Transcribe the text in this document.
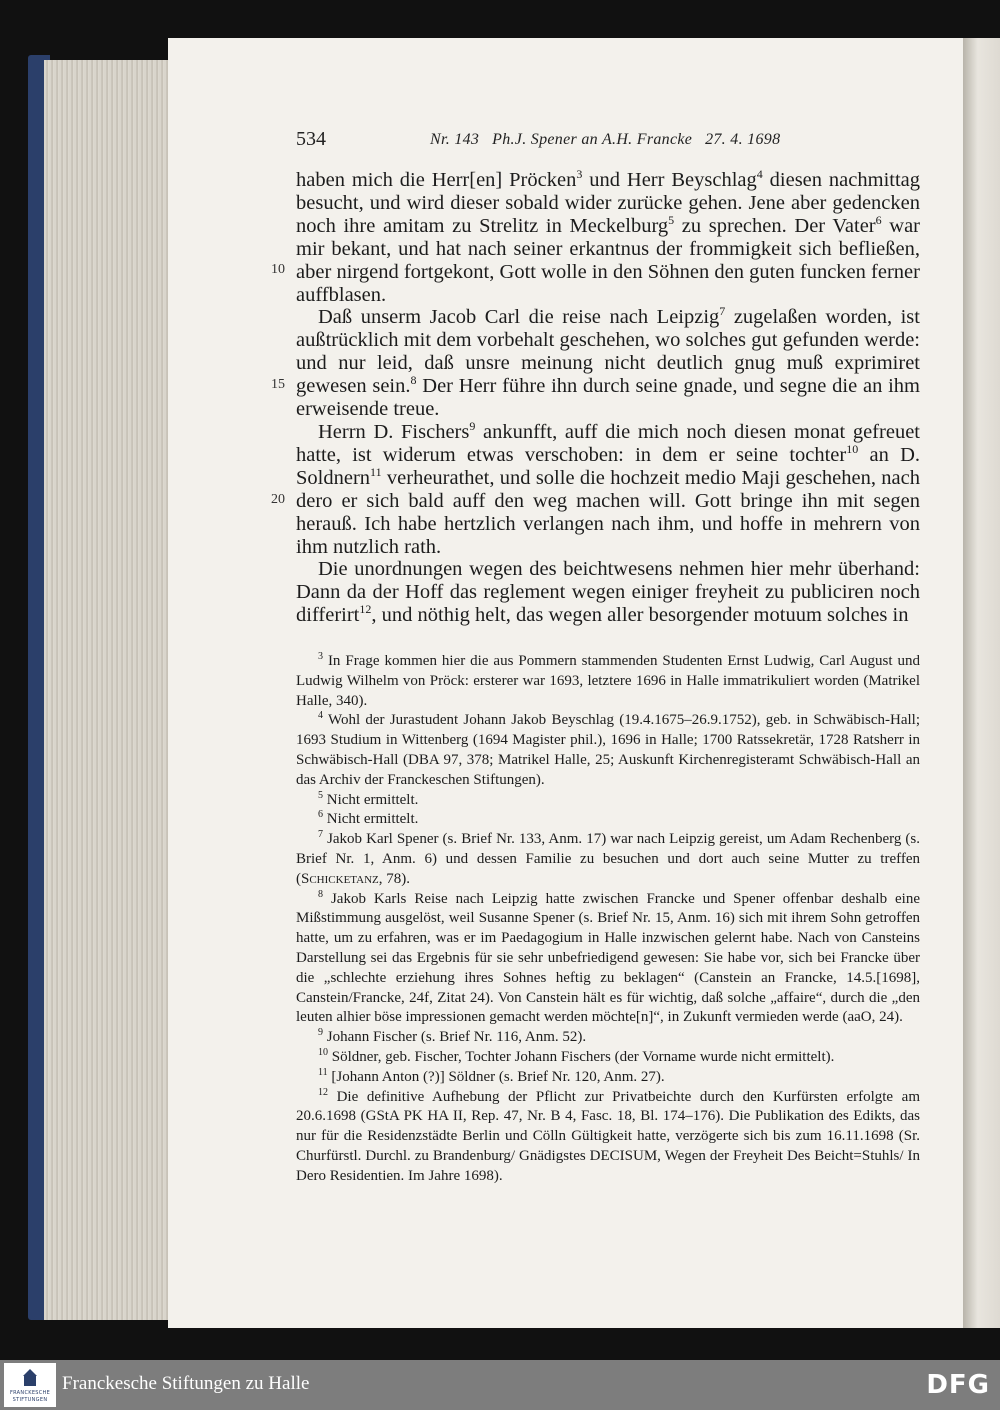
534	Nr. 143   Ph.J. Spener an A.H. Francke   27. 4. 1698

haben mich die Herr[en] Pröcken$^3$ und Herr Beyschlag$^4$ diesen nachmittag besucht, und wird dieser sobald wider zurücke gehen. Jene aber gedencken noch ihre amitam zu Strelitz in Meckelburg$^5$ zu sprechen. Der Vater$^6$ war mir bekant, und hat nach seiner erkantnus der frommigkeit sich befließen, aber nirgend fortgekont, Gott wolle in den Söhnen den guten funcken ferner auffblasen.

Daß unserm Jacob Carl die reise nach Leipzig$^7$ zugelaßen worden, ist außtrücklich mit dem vorbehalt geschehen, wo solches gut gefunden werde: und nur leid, daß unsre meinung nicht deutlich gnug muß exprimiret gewesen sein.$^8$ Der Herr führe ihn durch seine gnade, und segne die an ihm erweisende treue.

Herrn D. Fischers$^9$ ankunfft, auff die mich noch diesen monat gefreuet hatte, ist widerum etwas verschoben: in dem er seine tochter$^{10}$ an D. Soldnern$^{11}$ verheurathet, und solle die hochzeit medio Maji geschehen, nach dero er sich bald auff den weg machen will. Gott bringe ihn mit segen herauß. Ich habe hertzlich verlangen nach ihm, und hoffe in mehrern von ihm nutzlich rath.

Die unordnungen wegen des beichtwesens nehmen hier mehr überhand: Dann da der Hoff das reglement wegen einiger freyheit zu publiciren noch differirt$^{12}$, und nöthig helt, das wegen aller besorgender motuum solches in

10
15
20

$^3$ In Frage kommen hier die aus Pommern stammenden Studenten Ernst Ludwig, Carl August und Ludwig Wilhelm von Pröck: ersterer war 1693, letztere 1696 in Halle immatrikuliert worden (Matrikel Halle, 340).

$^4$ Wohl der Jurastudent Johann Jakob Beyschlag (19.4.1675–26.9.1752), geb. in Schwäbisch-Hall; 1693 Studium in Wittenberg (1694 Magister phil.), 1696 in Halle; 1700 Ratssekretär, 1728 Ratsherr in Schwäbisch-Hall (DBA 97, 378; Matrikel Halle, 25; Auskunft Kirchenregisteramt Schwäbisch-Hall an das Archiv der Franckeschen Stiftungen).

$^5$ Nicht ermittelt.

$^6$ Nicht ermittelt.

$^7$ Jakob Karl Spener (s. Brief Nr. 133, Anm. 17) war nach Leipzig gereist, um Adam Rechenberg (s. Brief Nr. 1, Anm. 6) und dessen Familie zu besuchen und dort auch seine Mutter zu treffen (Schicketanz, 78).

$^8$ Jakob Karls Reise nach Leipzig hatte zwischen Francke und Spener offenbar deshalb eine Mißstimmung ausgelöst, weil Susanne Spener (s. Brief Nr. 15, Anm. 16) sich mit ihrem Sohn getroffen hatte, um zu erfahren, was er im Paedagogium in Halle inzwischen gelernt habe. Nach von Cansteins Darstellung sei das Ergebnis für sie sehr unbefriedigend gewesen: Sie habe vor, sich bei Francke über die „schlechte erziehung ihres Sohnes heftig zu beklagen“ (Canstein an Francke, 14.5.[1698], Canstein/Francke, 24f, Zitat 24). Von Canstein hält es für wichtig, daß solche „affaire“, durch die „den leuten alhier böse impressionen gemacht werden möchte[n]“, in Zukunft vermieden werde (aaO, 24).

$^9$ Johann Fischer (s. Brief Nr. 116, Anm. 52).

$^{10}$ Söldner, geb. Fischer, Tochter Johann Fischers (der Vorname wurde nicht ermittelt).

$^{11}$ [Johann Anton (?)] Söldner (s. Brief Nr. 120, Anm. 27).

$^{12}$ Die definitive Aufhebung der Pflicht zur Privatbeichte durch den Kurfürsten erfolgte am 20.6.1698 (GStA PK HA II, Rep. 47, Nr. B 4, Fasc. 18, Bl. 174–176). Die Publikation des Edikts, das nur für die Residenzstädte Berlin und Cölln Gültigkeit hatte, verzögerte sich bis zum 16.11.1698 (Sr. Churfürstl. Durchl. zu Brandenburg/ Gnädigstes DECISUM, Wegen der Freyheit Des Beicht=Stuhls/ In Dero Residentien. Im Jahre 1698).

FRANCKESCHE
STIFTUNGEN
Franckesche Stiftungen zu Halle	DFG
